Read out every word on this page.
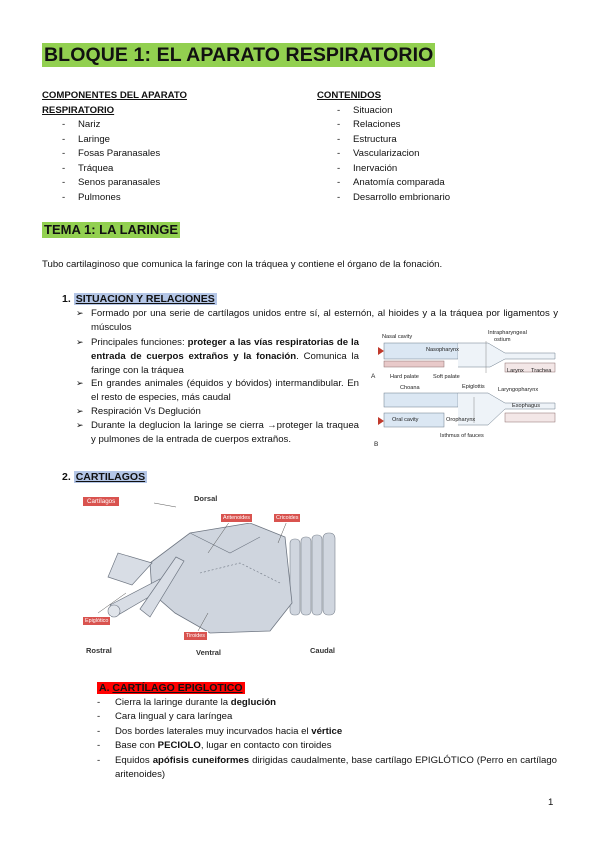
BLOQUE 1: EL APARATO RESPIRATORIO
COMPONENTES DEL APARATO
RESPIRATORIO
- Nariz
- Laringe
- Fosas Paranasales
- Tráquea
- Senos paranasales
- Pulmones
CONTENIDOS
- Situacion
- Relaciones
- Estructura
- Vascularizacion
- Inervación
- Anatomía comparada
- Desarrollo embrionario
TEMA 1: LA LARINGE
Tubo cartilaginoso que comunica la faringe con la tráquea y contiene el órgano de la fonación.
1. SITUACION Y RELACIONES
➢ Formado por una serie de cartílagos unidos entre sí, al esternón, al hioides y a la tráquea por ligamentos y músculos
➢ Principales funciones: proteger a las vías respiratorias de la entrada de cuerpos extraños y la fonación. Comunica la faringe con la tráquea
➢ En grandes animales (équidos y bóvidos) intermandibular. En el resto de especies, más caudal
➢ Respiración Vs Deglución
➢ Durante la deglucion la laringe se cierra →proteger la traquea y pulmones de la entrada de cuerpos extraños.
Nasal cavity
Intrapharyngeal
ostium
Nasopharynx
A	Hard palate	Soft palate
Larynx Trachea
Choana	Epiglottis Laryngopharynx
Oral cavity	Oropharynx
Esophagus
Isthmus of fauces
B
2. CARTILAGOS
Cartílagos	Dorsal
Aritenoides	Cricoides
Epiglótico
Tiroides
Rostral	Ventral	Caudal
A. CARTÍLAGO EPIGLOTICO
- Cierra la laringe durante la deglución
- Cara lingual y cara laríngea
- Dos bordes laterales muy incurvados hacia el vértice
- Base con PECIOLO, lugar en contacto con tiroides
- Equidos apófisis cuneiformes dirigidas caudalmente, base cartílago EPIGLÓTICO (Perro en cartílago aritenoides)
1
